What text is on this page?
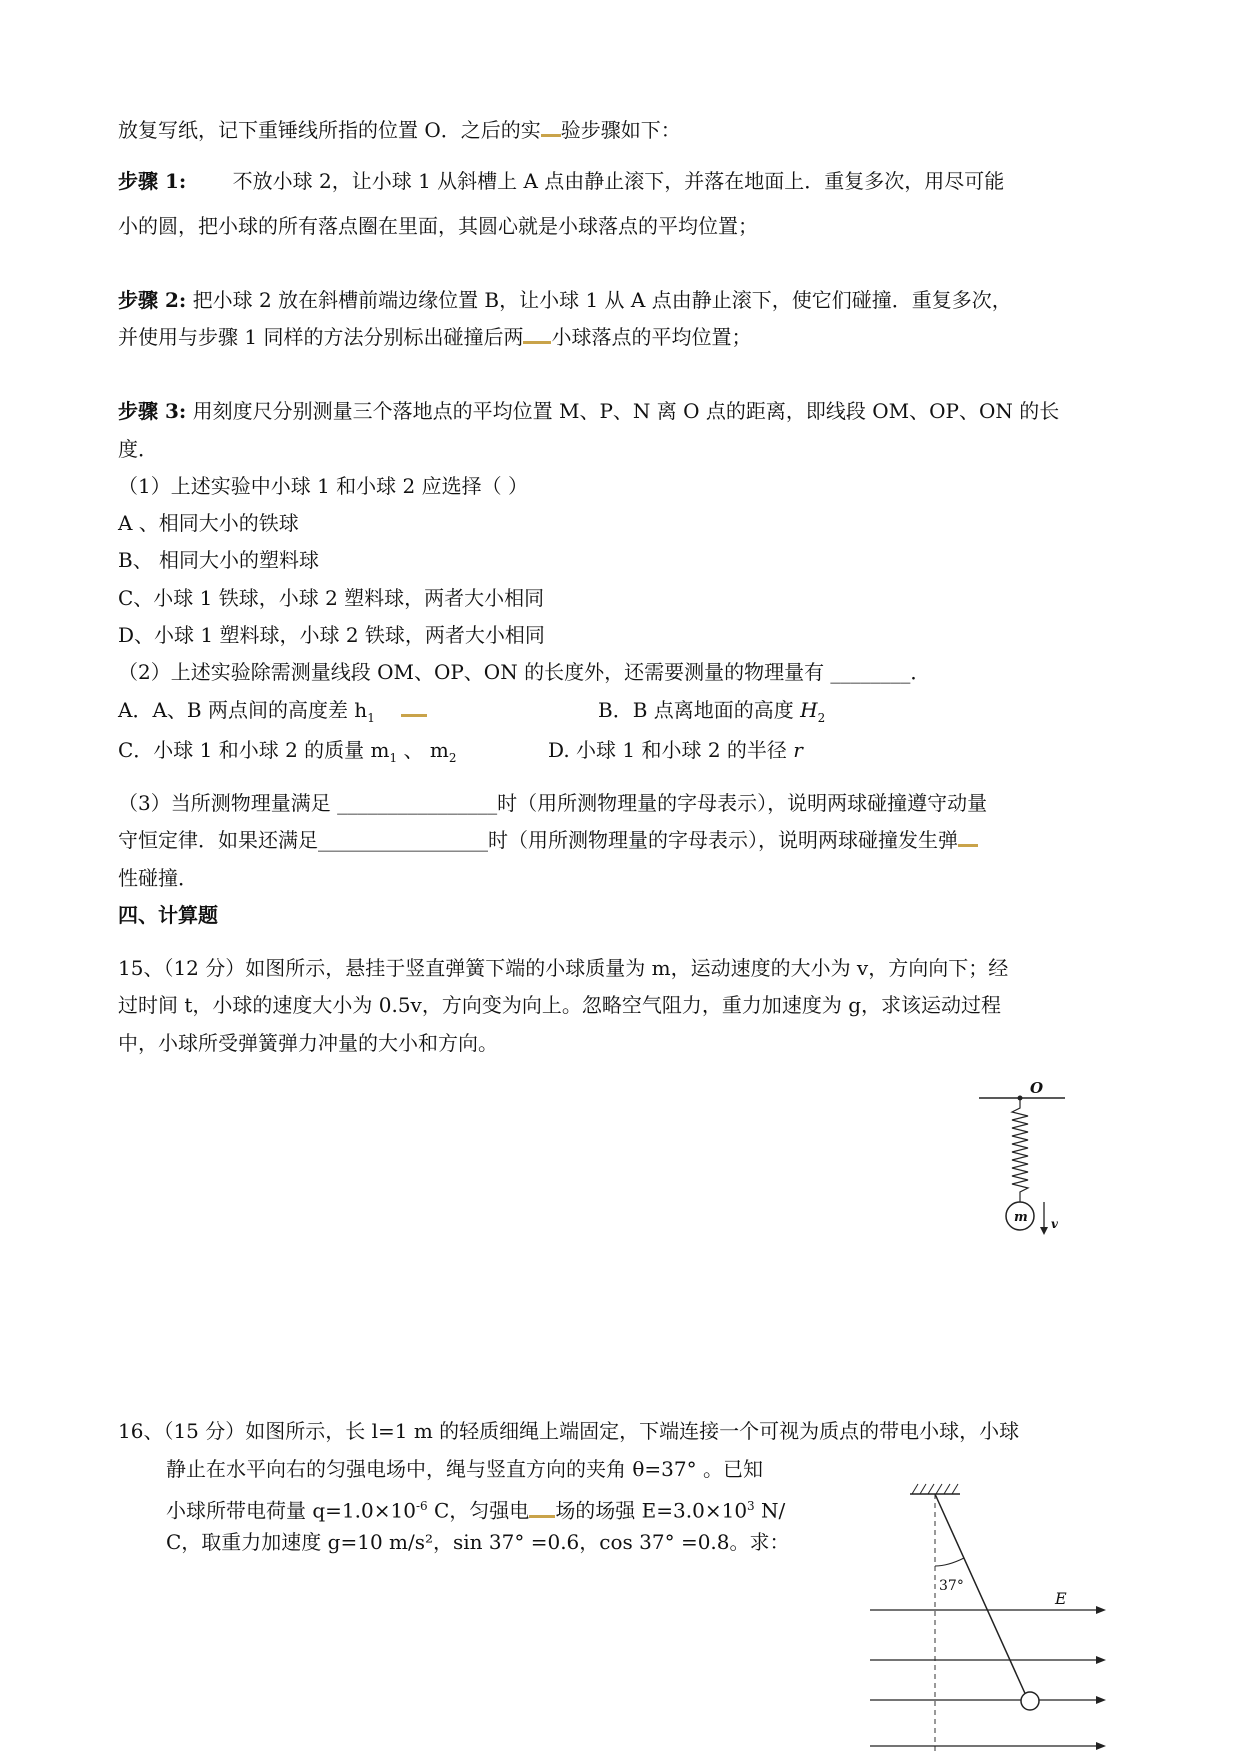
放复写纸，记下重锤线所指的位置 O．之后的实 验步骤如下：
步骤 1: 不放小球 2，让小球 1 从斜槽上 A 点由静止滚下，并落在地面上．重复多次，用尽可能
小的圆，把小球的所有落点圈在里面，其圆心就是小球落点的平均位置；
步骤 2: 把小球 2 放在斜槽前端边缘位置 B，让小球 1 从 A 点由静止滚下，使它们碰撞．重复多次，
并使用与步骤 1 同样的方法分别标出碰撞后两 小球落点的平均位置；
步骤 3: 用刻度尺分别测量三个落地点的平均位置 M、P、N 离 O 点的距离，即线段 OM、OP、ON 的长
度．
（1）上述实验中小球 1 和小球 2 应选择（ ）
A 、相同大小的铁球
B、 相同大小的塑料球
C、小球 1 铁球，小球 2 塑料球，两者大小相同
D、小球 1 塑料球，小球 2 铁球，两者大小相同
（2）上述实验除需测量线段 OM、OP、ON 的长度外，还需要测量的物理量有 ________．
A．A、B 两点间的高度差 $h_1$	B．B 点离地面的高度 $H_2$
C．小球 1 和小球 2 的质量 $m_1$ 、 $m_2$	D. 小球 1 和小球 2 的半径 r
（3）当所测物理量满足 ________________时（用所测物理量的字母表示），说明两球碰撞遵守动量
守恒定律．如果还满足_________________时（用所测物理量的字母表示），说明两球碰撞发生弹
性碰撞．
四、计算题
15、（12 分）如图所示，悬挂于竖直弹簧下端的小球质量为 m，运动速度的大小为 v，方向向下；经
过时间 t，小球的速度大小为 0.5v，方向变为向上。忽略空气阻力，重力加速度为 g，求该运动过程
中，小球所受弹簧弹力冲量的大小和方向。
O
m v
16、（15 分）如图所示，长 l=1 m 的轻质细绳上端固定，下端连接一个可视为质点的带电小球，小球
静止在水平向右的匀强电场中，绳与竖直方向的夹角 θ=37° 。已知
小球所带电荷量 $q=1.0\times 10^{-6}$ C，匀强电 场的场强 $E=3.0\times 10^3$ N/
C，取重力加速度 g=10 m/s²，sin 37° =0.6，cos 37° =0.8。求：
37°
E
